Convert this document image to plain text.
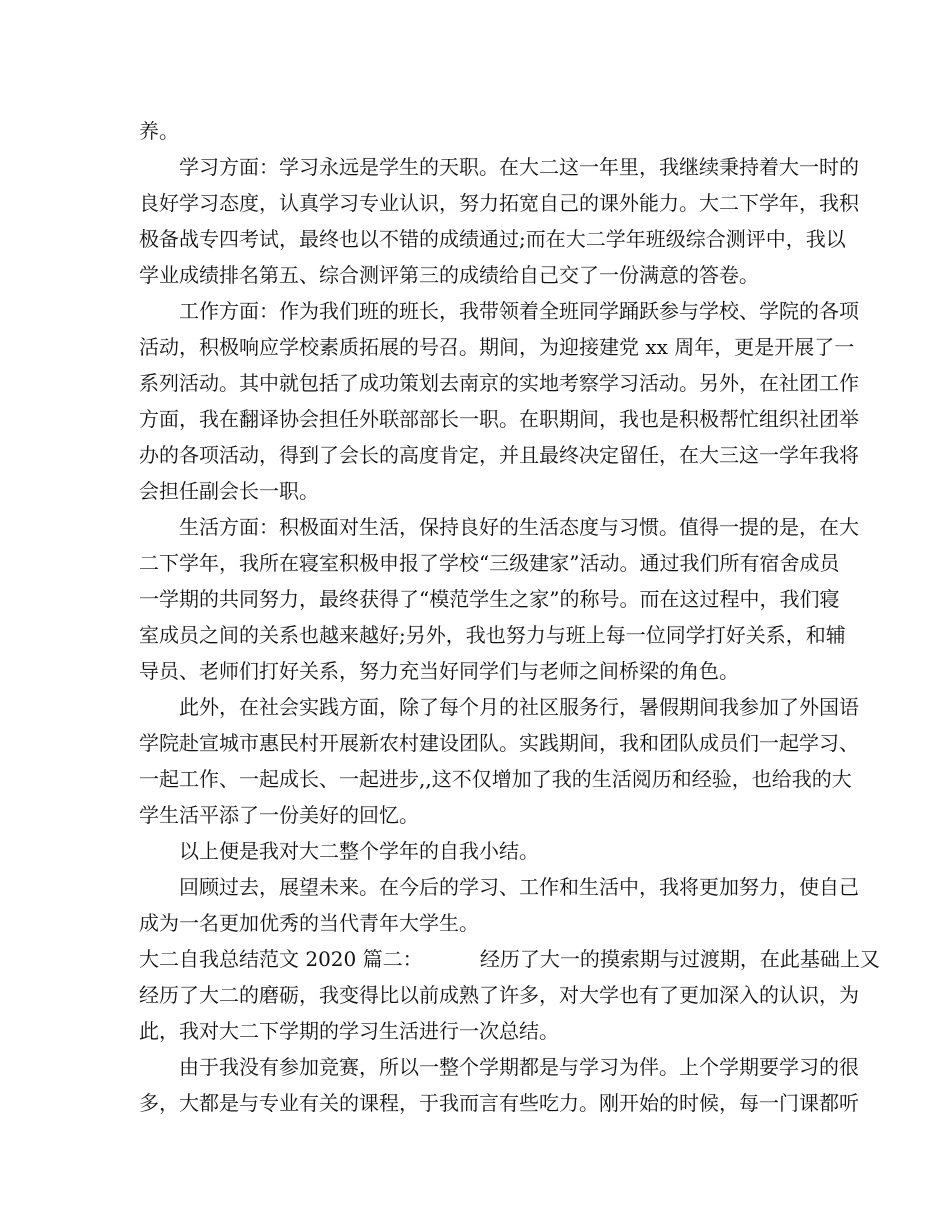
养。
学习方面：学习永远是学生的天职。在大二这一年里，我继续秉持着大一时的
良好学习态度，认真学习专业认识，努力拓宽自己的课外能力。大二下学年，我积
极备战专四考试，最终也以不错的成绩通过;而在大二学年班级综合测评中，我以
学业成绩排名第五、综合测评第三的成绩给自己交了一份满意的答卷。
工作方面：作为我们班的班长，我带领着全班同学踊跃参与学校、学院的各项
活动，积极响应学校素质拓展的号召。期间，为迎接建党 xx 周年，更是开展了一
系列活动。其中就包括了成功策划去南京的实地考察学习活动。另外，在社团工作
方面，我在翻译协会担任外联部部长一职。在职期间，我也是积极帮忙组织社团举
办的各项活动，得到了会长的高度肯定，并且最终决定留任，在大三这一学年我将
会担任副会长一职。
生活方面：积极面对生活，保持良好的生活态度与习惯。值得一提的是，在大
二下学年，我所在寝室积极申报了学校“三级建家”活动。通过我们所有宿舍成员
一学期的共同努力，最终获得了“模范学生之家”的称号。而在这过程中，我们寝
室成员之间的关系也越来越好;另外，我也努力与班上每一位同学打好关系，和辅
导员、老师们打好关系，努力充当好同学们与老师之间桥梁的角色。
此外，在社会实践方面，除了每个月的社区服务行，暑假期间我参加了外国语
学院赴宣城市惠民村开展新农村建设团队。实践期间，我和团队成员们一起学习、
一起工作、一起成长、一起进步,,这不仅增加了我的生活阅历和经验，也给我的大
学生活平添了一份美好的回忆。
以上便是我对大二整个学年的自我小结。
回顾过去，展望未来。在今后的学习、工作和生活中，我将更加努力，使自己
成为一名更加优秀的当代青年大学生。
大二自我总结范文 2020 篇二：         经历了大一的摸索期与过渡期，在此基础上又
经历了大二的磨砺，我变得比以前成熟了许多，对大学也有了更加深入的认识，为
此，我对大二下学期的学习生活进行一次总结。
由于我没有参加竞赛，所以一整个学期都是与学习为伴。上个学期要学习的很
多，大都是与专业有关的课程，于我而言有些吃力。刚开始的时候，每一门课都听
